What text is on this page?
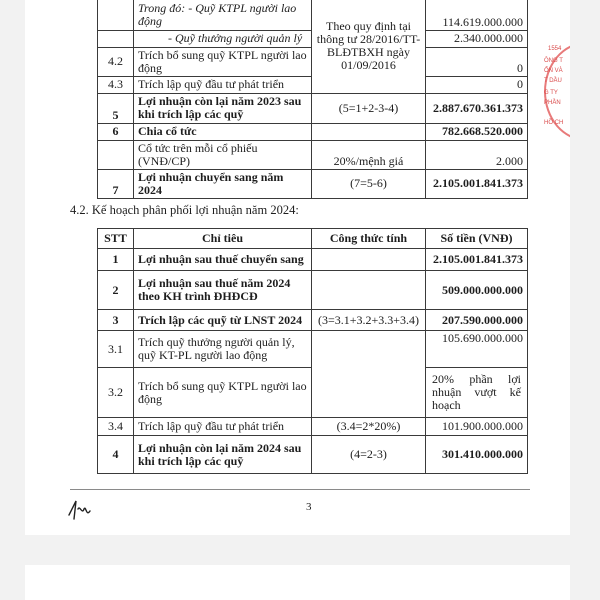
	Trong đó: - Quỹ KTPL người lao động	Theo quy định tại thông tư 28/2016/TT-BLĐTBXH ngày 01/09/2016	114.619.000.000
	- Quỹ thưởng người quản lý		2.340.000.000
4.2	Trích bổ sung quỹ KTPL người lao động		0
4.3	Trích lập quỹ đầu tư phát triển		0
5	Lợi nhuận còn lại năm 2023 sau khi trích lập các quỹ	(5=1+2-3-4)	2.887.670.361.373
6	Chia cổ tức		782.668.520.000
	Cổ tức trên mỗi cổ phiếu (VNĐ/CP)	20%/mệnh giá	2.000
7	Lợi nhuận chuyển sang năm 2024	(7=5-6)	2.105.001.841.373
4.2. Kế hoạch phân phối lợi nhuận năm 2024:
STT	Chỉ tiêu	Công thức tính	Số tiền (VNĐ)
1	Lợi nhuận sau thuế chuyển sang		2.105.001.841.373
2	Lợi nhuận sau thuế năm 2024 theo KH trình ĐHĐCĐ		509.000.000.000
3	Trích lập các quỹ từ LNST 2024	(3=3.1+3.2+3.3+3.4)	207.590.000.000
3.1	Trích quỹ thưởng người quản lý, quỹ KT-PL người lao động		105.690.000.000
3.2	Trích bổ sung quỹ KTPL người lao động		20% phần lợi nhuận vượt kế hoạch
3.4	Trích lập quỹ đầu tư phát triển	(3.4=2*20%)	101.900.000.000
4	Lợi nhuận còn lại năm 2024 sau khi trích lập các quỹ	(4=2-3)	301.410.000.000
3
1554
ÔNG T
ỔN VÀ
T DẦU
G TY
PHẦN
HỒ CH
